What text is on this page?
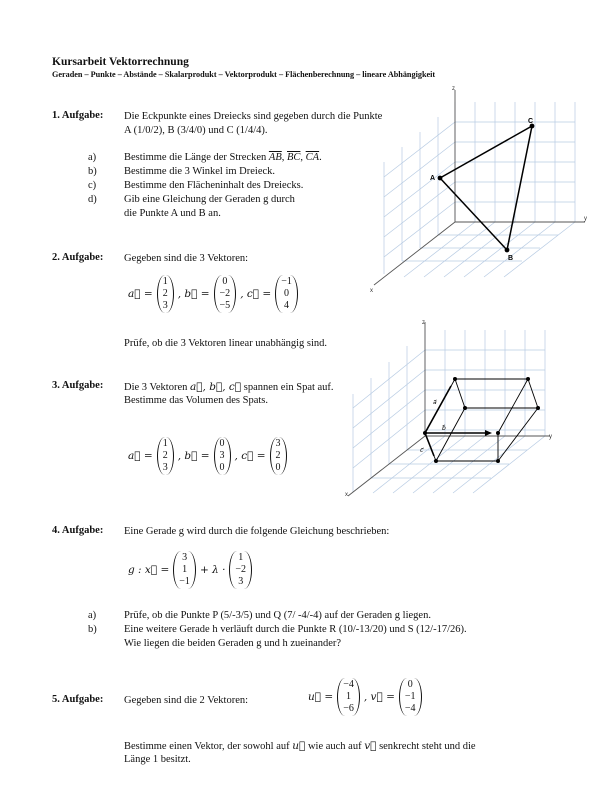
Kursarbeit Vektorrechnung
Geraden – Punkte – Abstände – Skalarprodukt – Vektorprodukt – Flächenberechnung – lineare Abhängigkeit
1. Aufgabe: Die Eckpunkte eines Dreiecks sind gegeben durch die Punkte
A (1/0/2), B (3/4/0) und C (1/4/4).
a)	Bestimme die Länge der Strecken $\overline{AB}$, $\overline{BC}$, $\overline{CA}$.
b)	Bestimme die 3 Winkel im Dreieck.
c)	Bestimme den Flächeninhalt des Dreiecks.
d)	Gib eine Gleichung der Geraden g durch
die Punkte A und B an.
z
y
x
A
B
C
2. Aufgabe: Gegeben sind die 3 Vektoren:
a⃗ =
1
2
3
, b⃗ =
0
−2
−5
, c⃗ =
−1
0
4
Prüfe, ob die 3 Vektoren linear unabhängig sind.
3. Aufgabe: Die 3 Vektoren a⃗, b⃗, c⃗ spannen ein Spat auf.
Bestimme das Volumen des Spats.
a⃗ =
1
2
3
, b⃗ =
0
3
0
, c⃗ =
3
2
0
z
y
x
a⃗
b⃗
c⃗
4. Aufgabe: Eine Gerade g wird durch die folgende Gleichung beschrieben:
g : x⃗ =
3
1
−1
+ λ ·
1
−2
3
a)	Prüfe, ob die Punkte P (5/-3/5) und Q (7/ -4/-4) auf der Geraden g liegen.
b)	Eine weitere Gerade h verläuft durch die Punkte R (10/-13/20) und S (12/-17/26).
Wie liegen die beiden Geraden g und h zueinander?
5. Aufgabe: Gegeben sind die 2 Vektoren:	u⃗ =
−4
1
−6
, v⃗ =
0
−1
−4
Bestimme einen Vektor, der sowohl auf u⃗ wie auch auf v⃗ senkrecht steht und die
Länge 1 besitzt.
